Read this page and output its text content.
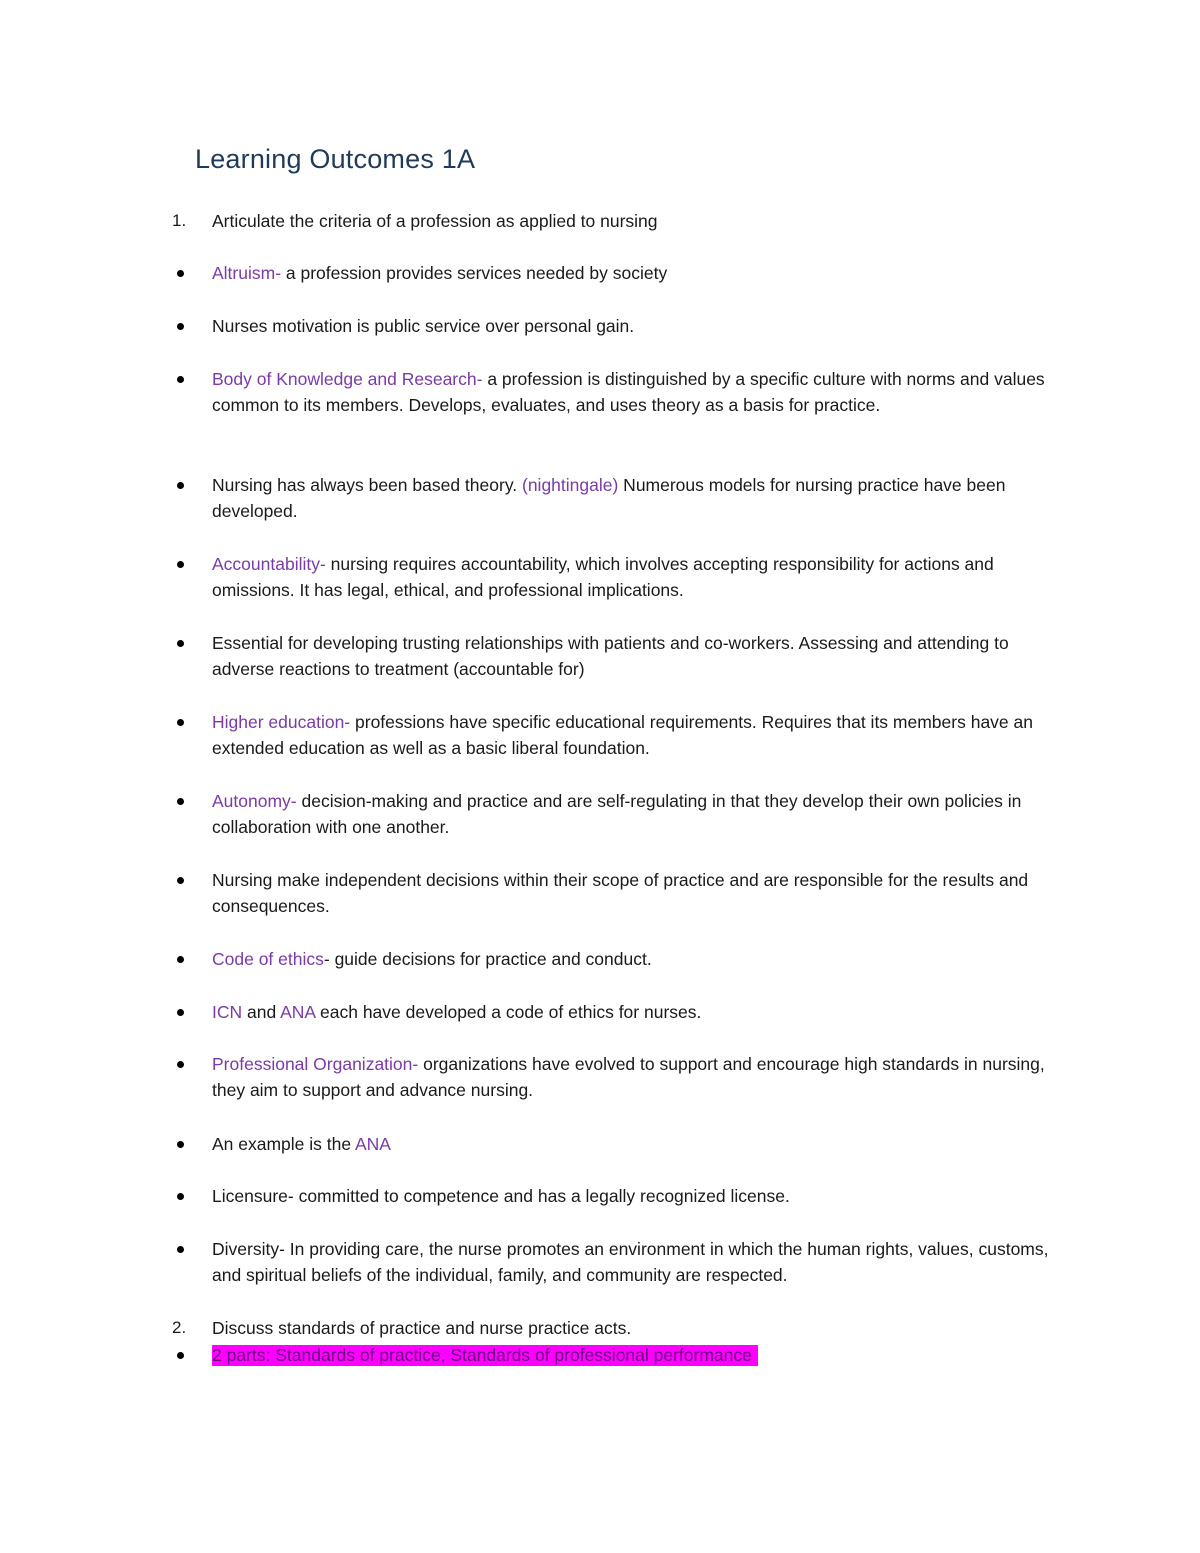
Learning Outcomes 1A
1.	Articulate the criteria of a profession as applied to nursing
Altruism- a profession provides services needed by society
Nurses motivation is public service over personal gain.
Body of Knowledge and Research- a profession is distinguished by a specific culture with norms and values common to its members. Develops, evaluates, and uses theory as a basis for practice.
Nursing has always been based theory. (nightingale) Numerous models for nursing practice have been developed.
Accountability- nursing requires accountability, which involves accepting responsibility for actions and omissions. It has legal, ethical, and professional implications.
Essential for developing trusting relationships with patients and co-workers. Assessing and attending to adverse reactions to treatment (accountable for)
Higher education- professions have specific educational requirements. Requires that its members have an extended education as well as a basic liberal foundation.
Autonomy- decision-making and practice and are self-regulating in that they develop their own policies in collaboration with one another.
Nursing make independent decisions within their scope of practice and are responsible for the results and consequences.
Code of ethics- guide decisions for practice and conduct.
ICN and ANA each have developed a code of ethics for nurses.
Professional Organization- organizations have evolved to support and encourage high standards in nursing, they aim to support and advance nursing.
An example is the ANA
Licensure- committed to competence and has a legally recognized license.
Diversity- In providing care, the nurse promotes an environment in which the human rights, values, customs, and spiritual beliefs of the individual, family, and community are respected.
2.	Discuss standards of practice and nurse practice acts.
2 parts: Standards of practice, Standards of professional performance
